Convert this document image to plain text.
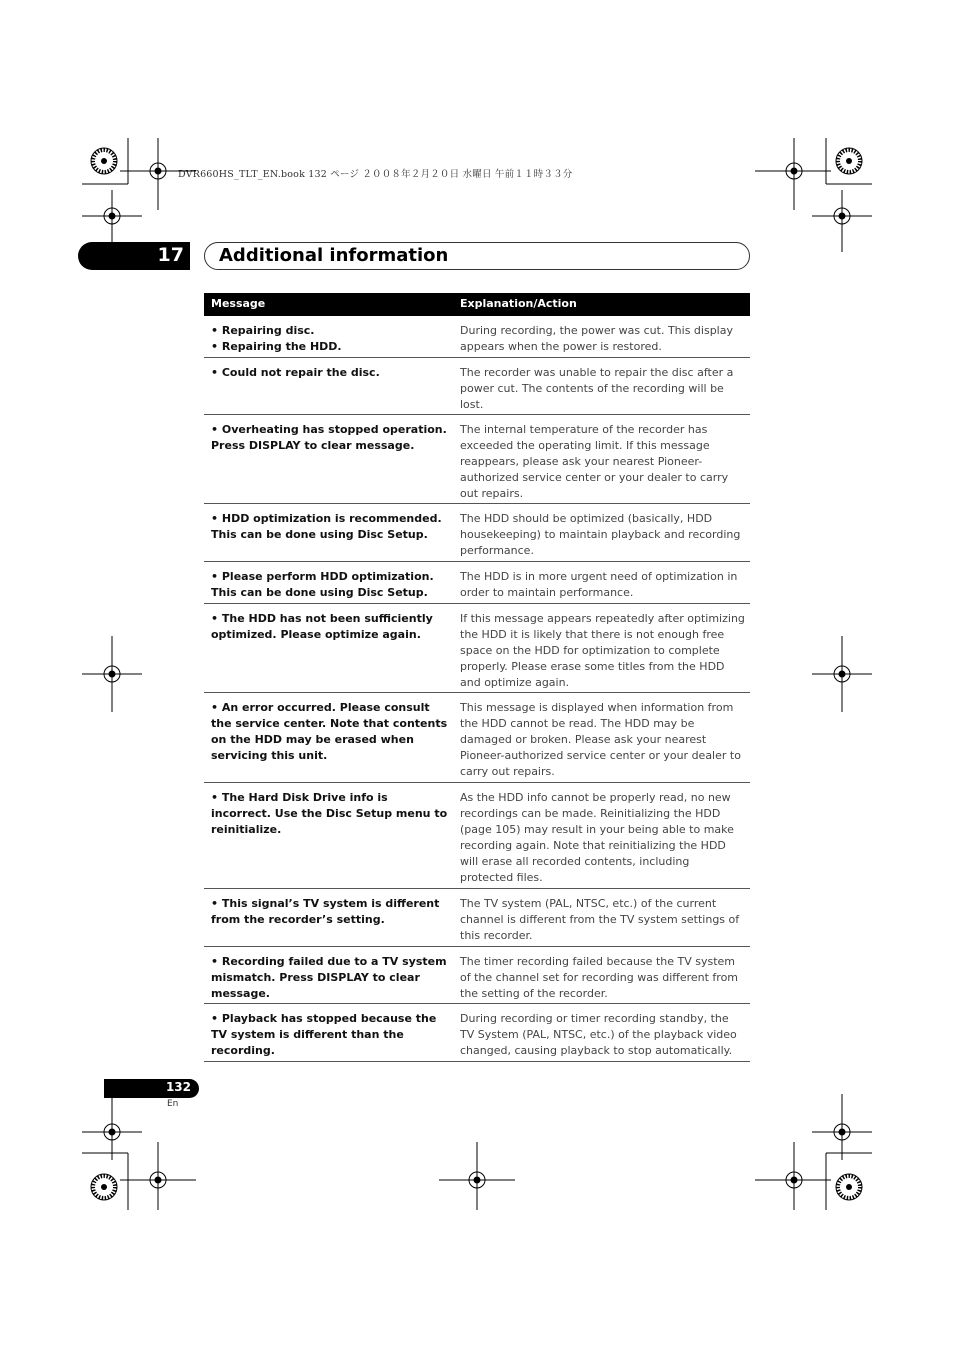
DVR660HS_TLT_EN.book 132 ページ ２００８年２月２０日 水曜日 午前１１時３３分
17 Additional information
Message	Explanation/Action
• Repairing disc.
• Repairing the HDD.
During recording, the power was cut. This display appears when the power is restored.
• Could not repair the disc.	The recorder was unable to repair the disc after a power cut. The contents of the recording will be lost.
• Overheating has stopped operation. Press DISPLAY to clear message.
The internal temperature of the recorder has exceeded the operating limit. If this message reappears, please ask your nearest Pioneer-authorized service center or your dealer to carry out repairs.
• HDD optimization is recommended. This can be done using Disc Setup.
The HDD should be optimized (basically, HDD housekeeping) to maintain playback and recording performance.
• Please perform HDD optimization. This can be done using Disc Setup.
The HDD is in more urgent need of optimization in order to maintain performance.
• The HDD has not been sufficiently optimized. Please optimize again.
If this message appears repeatedly after optimizing the HDD it is likely that there is not enough free space on the HDD for optimization to complete properly. Please erase some titles from the HDD and optimize again.
• An error occurred. Please consult the service center. Note that contents on the HDD may be erased when servicing this unit.
This message is displayed when information from the HDD cannot be read. The HDD may be damaged or broken. Please ask your nearest Pioneer-authorized service center or your dealer to carry out repairs.
• The Hard Disk Drive info is incorrect. Use the Disc Setup menu to reinitialize.
As the HDD info cannot be properly read, no new recordings can be made. Reinitializing the HDD (page 105) may result in your being able to make recording again. Note that reinitializing the HDD will erase all recorded contents, including protected files.
• This signal’s TV system is different from the recorder’s setting.
The TV system (PAL, NTSC, etc.) of the current channel is different from the TV system settings of this recorder.
• Recording failed due to a TV system mismatch. Press DISPLAY to clear message.
The timer recording failed because the TV system of the channel set for recording was different from the setting of the recorder.
• Playback has stopped because the TV system is different than the recording.
During recording or timer recording standby, the TV System (PAL, NTSC, etc.) of the playback video changed, causing playback to stop automatically.
132
En
